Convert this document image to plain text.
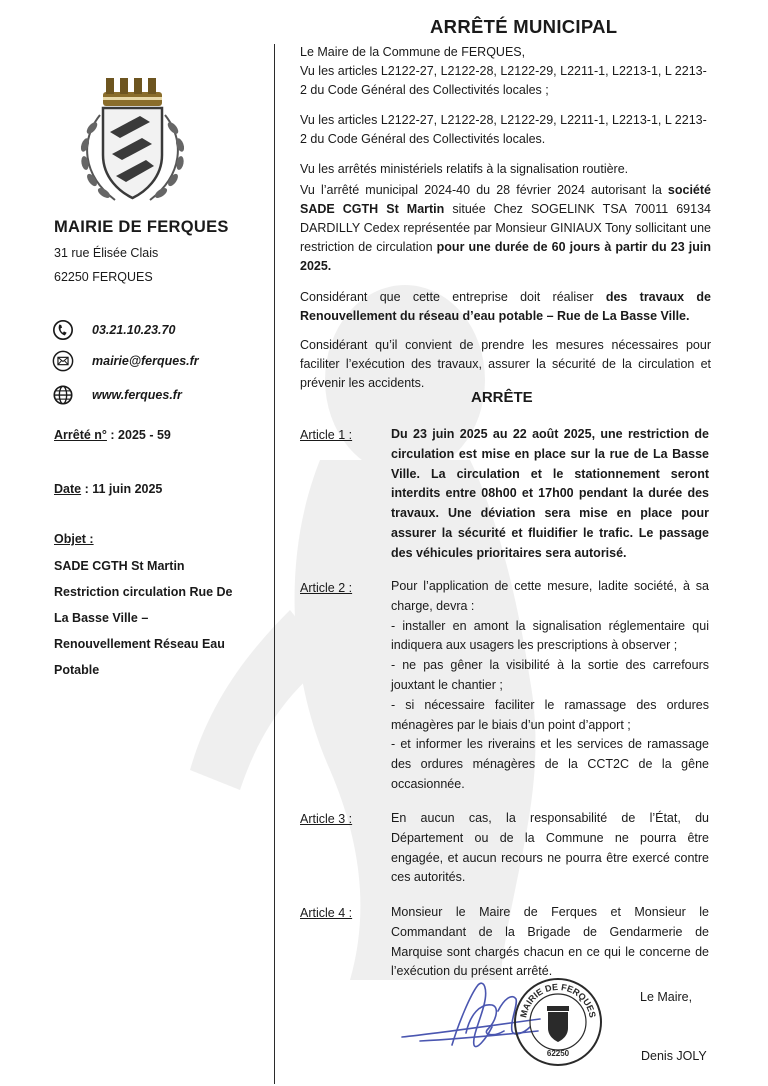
MAIRIE DE FERQUES
31 rue Élisée Clais
62250 FERQUES
03.21.10.23.70
mairie@ferques.fr
www.ferques.fr
Arrêté n° : 2025 - 59
Date : 11 juin 2025
Objet :
SADE CGTH St Martin
Restriction circulation Rue De
La Basse Ville –
Renouvellement Réseau Eau
Potable
ARRÊTÉ MUNICIPAL
Le Maire de la Commune de FERQUES,
Vu les articles L2122-27, L2122-28, L2122-29, L2211-1, L2213-1, L 2213-2 du Code Général des Collectivités locales ;
Vu les articles L2122-27, L2122-28, L2122-29, L2211-1, L2213-1, L 2213-2 du Code Général des Collectivités locales.
Vu les arrêtés ministériels relatifs à la signalisation routière.
Vu l’arrêté municipal 2024-40 du 28 février 2024 autorisant la société SADE CGTH St Martin située Chez SOGELINK TSA 70011 69134 DARDILLY Cedex représentée par Monsieur GINIAUX Tony sollicitant une restriction de circulation pour une durée de 60 jours à partir du 23 juin 2025.
Considérant que cette entreprise doit réaliser des travaux de Renouvellement du réseau d’eau potable – Rue de La Basse Ville.
Considérant qu’il convient de prendre les mesures nécessaires pour faciliter l’exécution des travaux, assurer la sécurité de la circulation et prévenir les accidents.
ARRÊTE
Article 1 :	Du 23 juin 2025 au 22 août 2025, une restriction de circulation est mise en place sur la rue de La Basse Ville. La circulation et le stationnement seront interdits entre 08h00 et 17h00 pendant la durée des travaux. Une déviation sera mise en place pour assurer la sécurité et fluidifier le trafic. Le passage des véhicules prioritaires sera autorisé.
Article 2 :	Pour l’application de cette mesure, ladite société, à sa charge, devra :
- installer en amont la signalisation réglementaire qui indiquera aux usagers les prescriptions à observer ;
- ne pas gêner la visibilité à la sortie des carrefours jouxtant le chantier ;
- si nécessaire faciliter le ramassage des ordures ménagères par le biais d’un point d’apport ;
- et informer les riverains et les services de ramassage des ordures ménagères de la CCT2C de la gêne occasionnée.
Article 3 :	En aucun cas, la responsabilité de l’État, du Département ou de la Commune ne pourra être engagée, et aucun recours ne pourra être exercé contre ces autorités.
Article 4 :	Monsieur le Maire de Ferques et Monsieur le Commandant de la Brigade de Gendarmerie de Marquise sont chargés chacun en ce qui le concerne de l’exécution du présent arrêté.
MAIRIE DE FERQUES
62250
Le Maire,
Denis JOLY
